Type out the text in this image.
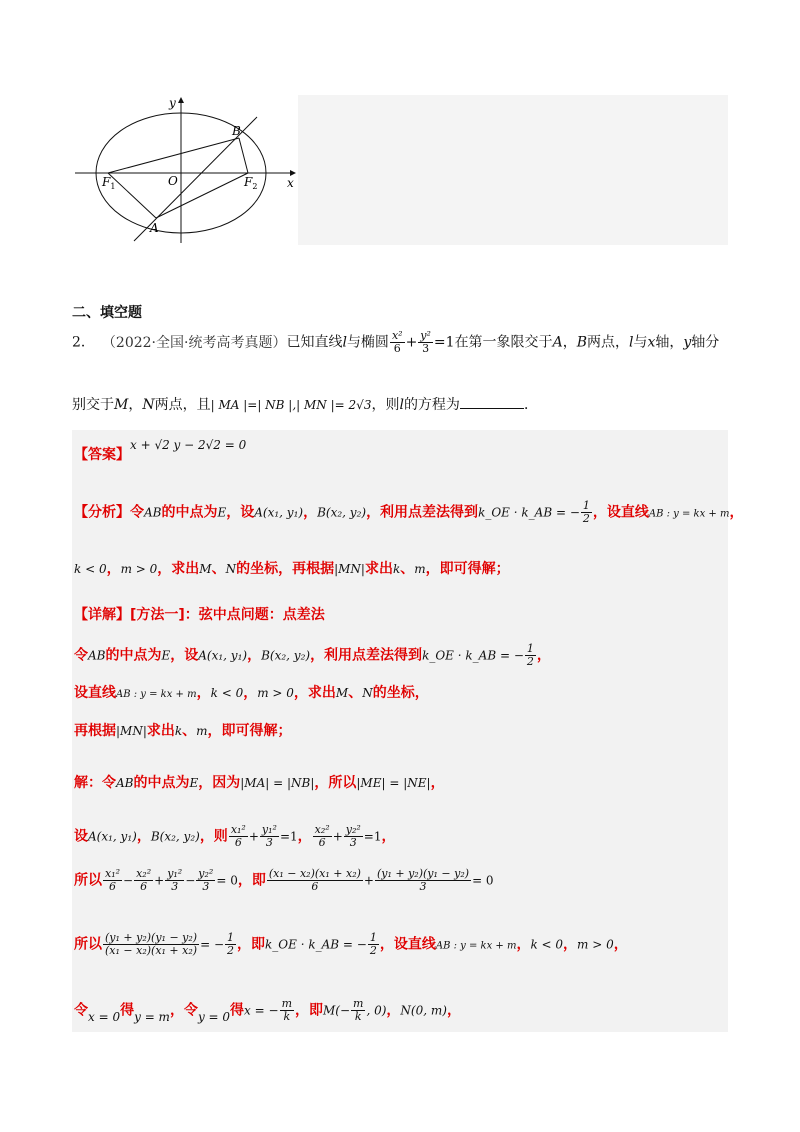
y
x
B
A
O
$F_1$	$F_2$
二、填空题
2． （2022·全国·统考高考真题）已知直线l与椭圆 $\frac{\text{x²}}{6} + \frac{\text{y²}}{3} =1$在第一象限交于A，B两点，l与x轴，y轴分
别交于M，N两点，且| MA |=| NB |,| MN |= 2√3，则l的方程为	．
【答案】x + √2 y − 2√2 = 0
【分析】令AB的中点为E，设A(x₁, y₁)，B(x₂, y₂)，利用点差法得到k_OE · k_AB = − $\frac{1}{2}$ ，设直线AB : y = kx + m，
k < 0，m > 0，求出M、N的坐标，再根据|MN|求出k、m，即可得解；
【详解】[方法一]：弦中点问题：点差法
令AB的中点为E，设A(x₁, y₁)，B(x₂, y₂)，利用点差法得到k_OE · k_AB = − $\frac{1}{2}$ ，
设直线AB : y = kx + m，k < 0，m > 0，求出M、N的坐标，
再根据|MN|求出k、m，即可得解；
解：令AB的中点为E，因为|MA| = |NB|，所以|ME| = |NE|，
设A(x₁, y₁)，B(x₂, y₂)，则 $\frac{\text{x₁²}}{6} + \frac{\text{y₁²}}{3} =1$， $\frac{\text{x₂²}}{6} + \frac{\text{y₂²}}{3} =1$，
所以 $\frac{\text{x₁²}}{6} - \frac{\text{x₂²}}{6} + \frac{\text{y₁²}}{3} - \frac{\text{y₂²}}{3} = 0$，即 $\frac{\text{(x₁ − x₂)(x₁ + x₂)}}{6} + \frac{\text{(y₁ + y₂)(y₁ − y₂)}}{3} = 0$
所以 $\frac{\text{(y₁ + y₂)(y₁ − y₂)}}{\text{(x₁ − x₂)(x₁ + x₂)}}$ = − $\frac{1}{2}$ ，即k_OE · k_AB = − $\frac{1}{2}$ ，设直线AB : y = kx + m，k < 0，m > 0，
令x = 0得y = m，令y = 0得x = − $\frac{m}{k}$ ，即$M(- \frac{m}{k}$ , 0)，N(0, m)，
